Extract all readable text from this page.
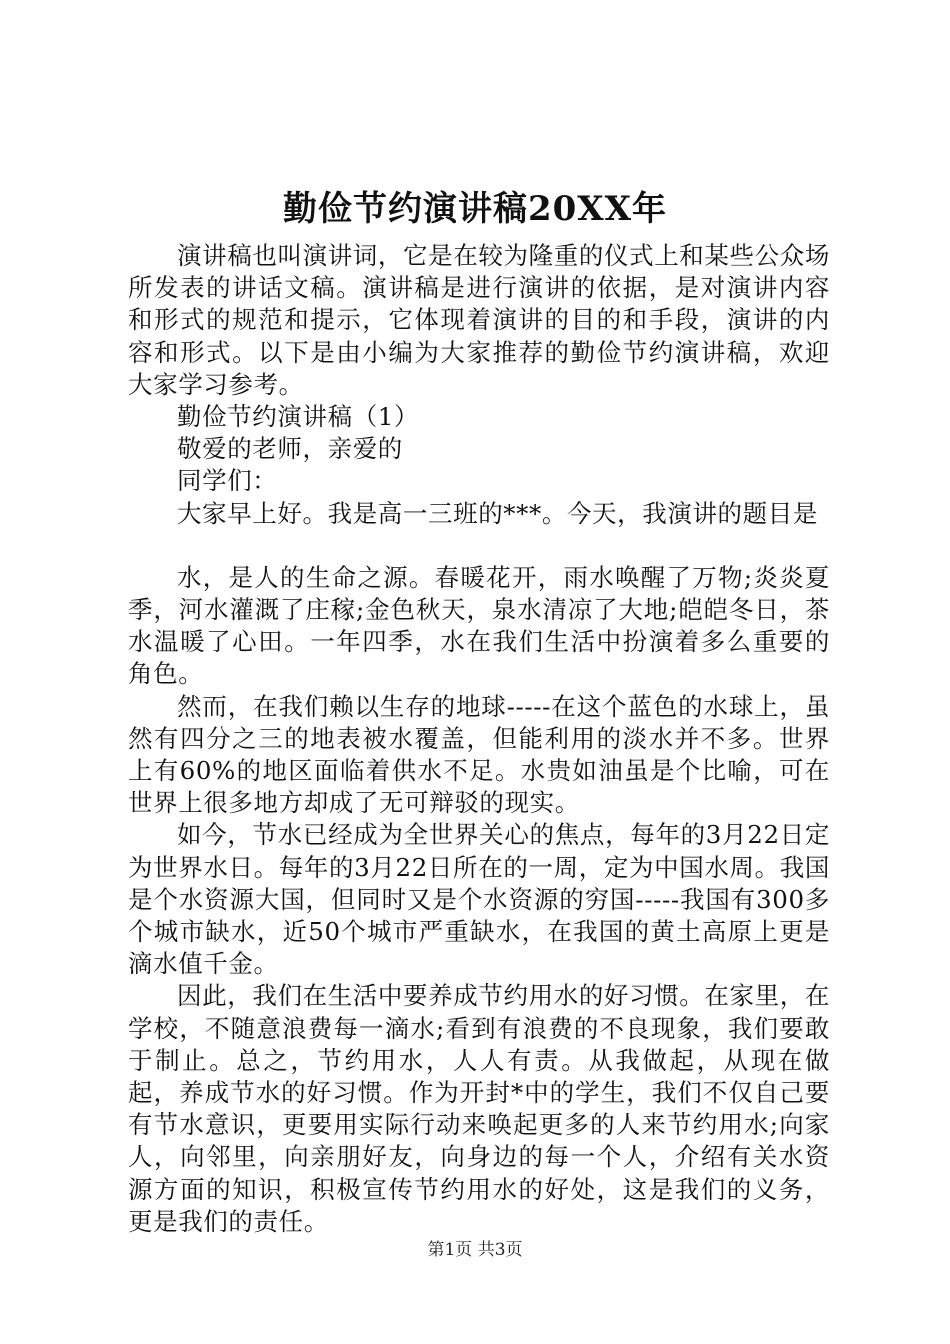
勤俭节约演讲稿20XX年

演讲稿也叫演讲词，它是在较为隆重的仪式上和某些公众场所发表的讲话文稿。演讲稿是进行演讲的依据，是对演讲内容和形式的规范和提示，它体现着演讲的目的和手段，演讲的内容和形式。以下是由小编为大家推荐的勤俭节约演讲稿，欢迎大家学习参考。

勤俭节约演讲稿（1）

敬爱的老师，亲爱的

同学们：

大家早上好。我是高一三班的***。今天，我演讲的题目是

水，是人的生命之源。春暖花开，雨水唤醒了万物;炎炎夏季，河水灌溉了庄稼;金色秋天，泉水清凉了大地;皑皑冬日，茶水温暖了心田。一年四季，水在我们生活中扮演着多么重要的角色。

然而，在我们赖以生存的地球-----在这个蓝色的水球上，虽然有四分之三的地表被水覆盖，但能利用的淡水并不多。世界上有60%的地区面临着供水不足。水贵如油虽是个比喻，可在世界上很多地方却成了无可辩驳的现实。

如今，节水已经成为全世界关心的焦点，每年的3月22日定为世界水日。每年的3月22日所在的一周，定为中国水周。我国是个水资源大国，但同时又是个水资源的穷国-----我国有300多个城市缺水，近50个城市严重缺水，在我国的黄土高原上更是滴水值千金。

因此，我们在生活中要养成节约用水的好习惯。在家里，在学校，不随意浪费每一滴水;看到有浪费的不良现象，我们要敢于制止。总之，节约用水，人人有责。从我做起，从现在做起，养成节水的好习惯。作为开封*中的学生，我们不仅自己要有节水意识，更要用实际行动来唤起更多的人来节约用水;向家人，向邻里，向亲朋好友，向身边的每一个人，介绍有关水资源方面的知识，积极宣传节约用水的好处，这是我们的义务，更是我们的责任。

第1页 共3页
